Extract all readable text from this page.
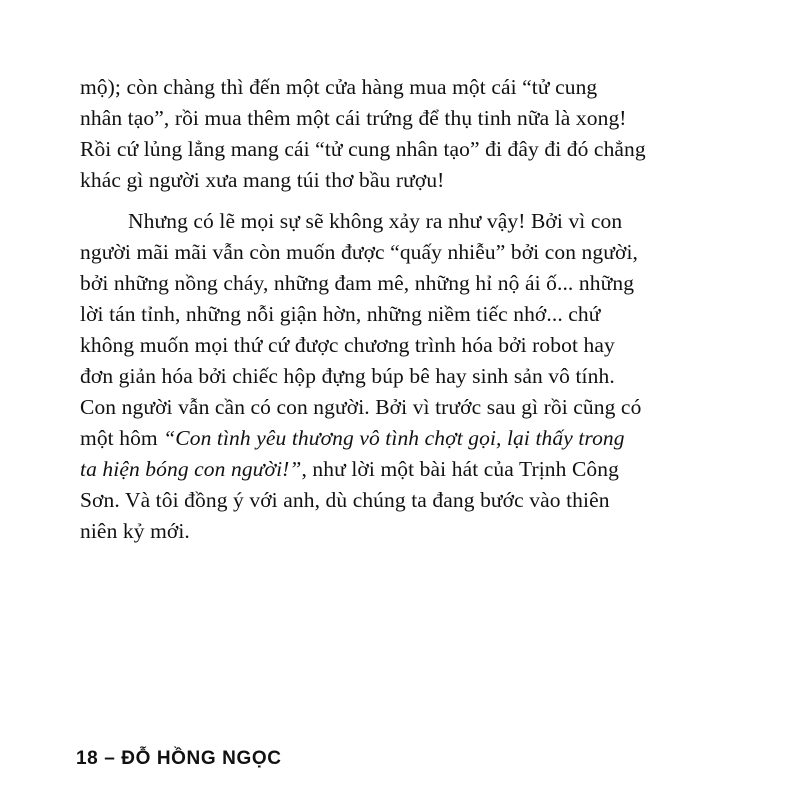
mộ); còn chàng thì đến một cửa hàng mua một cái “tử cung
nhân tạo”, rồi mua thêm một cái trứng để thụ tinh nữa là xong!
Rồi cứ lủng lẳng mang cái “tử cung nhân tạo” đi đây đi đó chẳng
khác gì người xưa mang túi thơ bầu rượu!
Nhưng có lẽ mọi sự sẽ không xảy ra như vậy! Bởi vì con
người mãi mãi vẫn còn muốn được “quấy nhiễu” bởi con người,
bởi những nồng cháy, những đam mê, những hỉ nộ ái ố... những
lời tán tỉnh, những nỗi giận hờn, những niềm tiếc nhớ... chứ
không muốn mọi thứ cứ được chương trình hóa bởi robot hay
đơn giản hóa bởi chiếc hộp đựng búp bê hay sinh sản vô tính.
Con người vẫn cần có con người. Bởi vì trước sau gì rồi cũng có
một hôm “Con tình yêu thương vô tình chợt gọi, lại thấy trong
ta hiện bóng con người!”, như lời một bài hát của Trịnh Công
Sơn. Và tôi đồng ý với anh, dù chúng ta đang bước vào thiên
niên kỷ mới.
18 – ĐỖ HỒNG NGỌC
